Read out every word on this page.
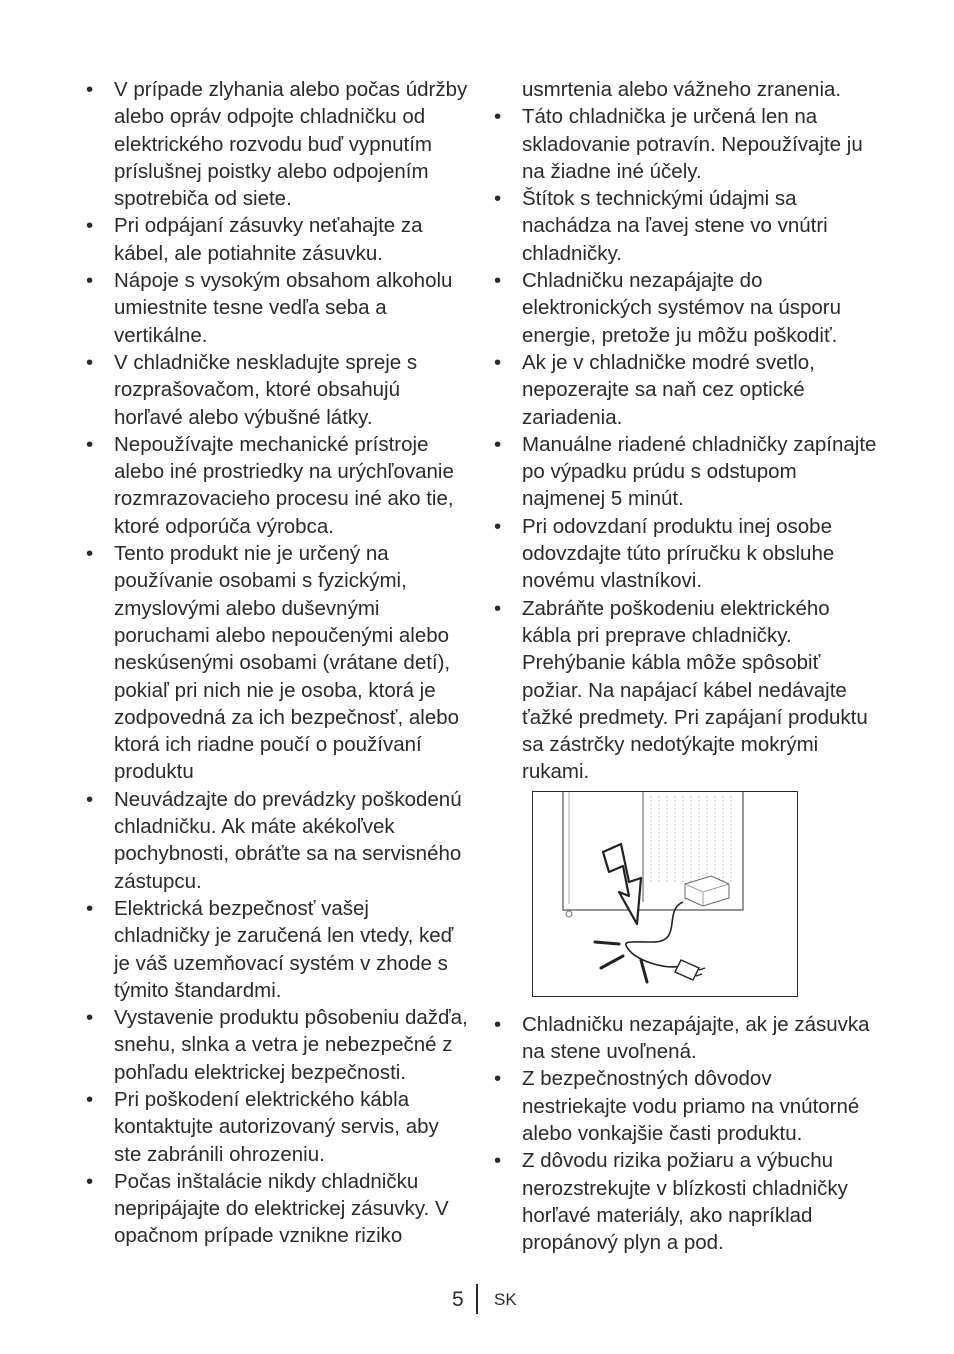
•	V prípade zlyhania alebo počas údržby alebo opráv odpojte chladničku od elektrického rozvodu buď vypnutím príslušnej poistky alebo odpojením spotrebiča od siete.
•	Pri odpájaní zásuvky neťahajte za kábel, ale potiahnite zásuvku.
•	Nápoje s vysokým obsahom alkoholu umiestnite tesne vedľa seba a vertikálne.
•	V chladničke neskladujte spreje s rozprašovačom, ktoré obsahujú horľavé alebo výbušné látky.
•	Nepoužívajte mechanické prístroje alebo iné prostriedky na urýchľovanie rozmrazovacieho procesu iné ako tie, ktoré odporúča výrobca.
•	Tento produkt nie je určený na používanie osobami s fyzickými, zmyslovými alebo duševnými poruchami alebo nepoučenými alebo neskúsenými osobami (vrátane detí), pokiaľ pri nich nie je osoba, ktorá je zodpovedná za ich bezpečnosť, alebo ktorá ich riadne poučí o používaní produktu
•	Neuvádzajte do prevádzky poškodenú chladničku. Ak máte akékoľvek pochybnosti, obráťte sa na servisného zástupcu.
•	Elektrická bezpečnosť vašej chladničky je zaručená len vtedy, keď je váš uzemňovací systém v zhode s týmito štandardmi.
•	Vystavenie produktu pôsobeniu dažďa, snehu, slnka a vetra je nebezpečné z pohľadu elektrickej bezpečnosti.
•	Pri poškodení elektrického kábla kontaktujte autorizovaný servis, aby ste zabránili ohrozeniu.
•	Počas inštalácie nikdy chladničku nepripájajte do elektrickej zásuvky. V opačnom prípade vznikne riziko

usmrtenia alebo vážneho zranenia.

•	Táto chladnička je určená len na skladovanie potravín. Nepoužívajte ju na žiadne iné účely.
•	Štítok s technickými údajmi sa nachádza na ľavej stene vo vnútri chladničky.
•	Chladničku nezapájajte do elektronických systémov na úsporu energie, pretože ju môžu poškodiť.
•	Ak je v chladničke modré svetlo, nepozerajte sa naň cez optické zariadenia.
•	Manuálne riadené chladničky zapínajte po výpadku prúdu s odstupom najmenej 5 minút.
•	Pri odovzdaní produktu inej osobe odovzdajte túto príručku k obsluhe novému vlastníkovi.
•	Zabráňte poškodeniu elektrického kábla pri preprave chladničky. Prehýbanie kábla môže spôsobiť požiar. Na napájací kábel nedávajte ťažké predmety. Pri zapájaní produktu sa zástrčky nedotýkajte mokrými rukami.
•	Chladničku nezapájajte, ak je zásuvka na stene uvoľnená.
•	Z bezpečnostných dôvodov nestriekajte vodu priamo na vnútorné alebo vonkajšie časti produktu.
•	Z dôvodu rizika požiaru a výbuchu nerozstrekujte v blízkosti chladničky horľavé materiály, ako napríklad propánový plyn a pod.
5 SK
